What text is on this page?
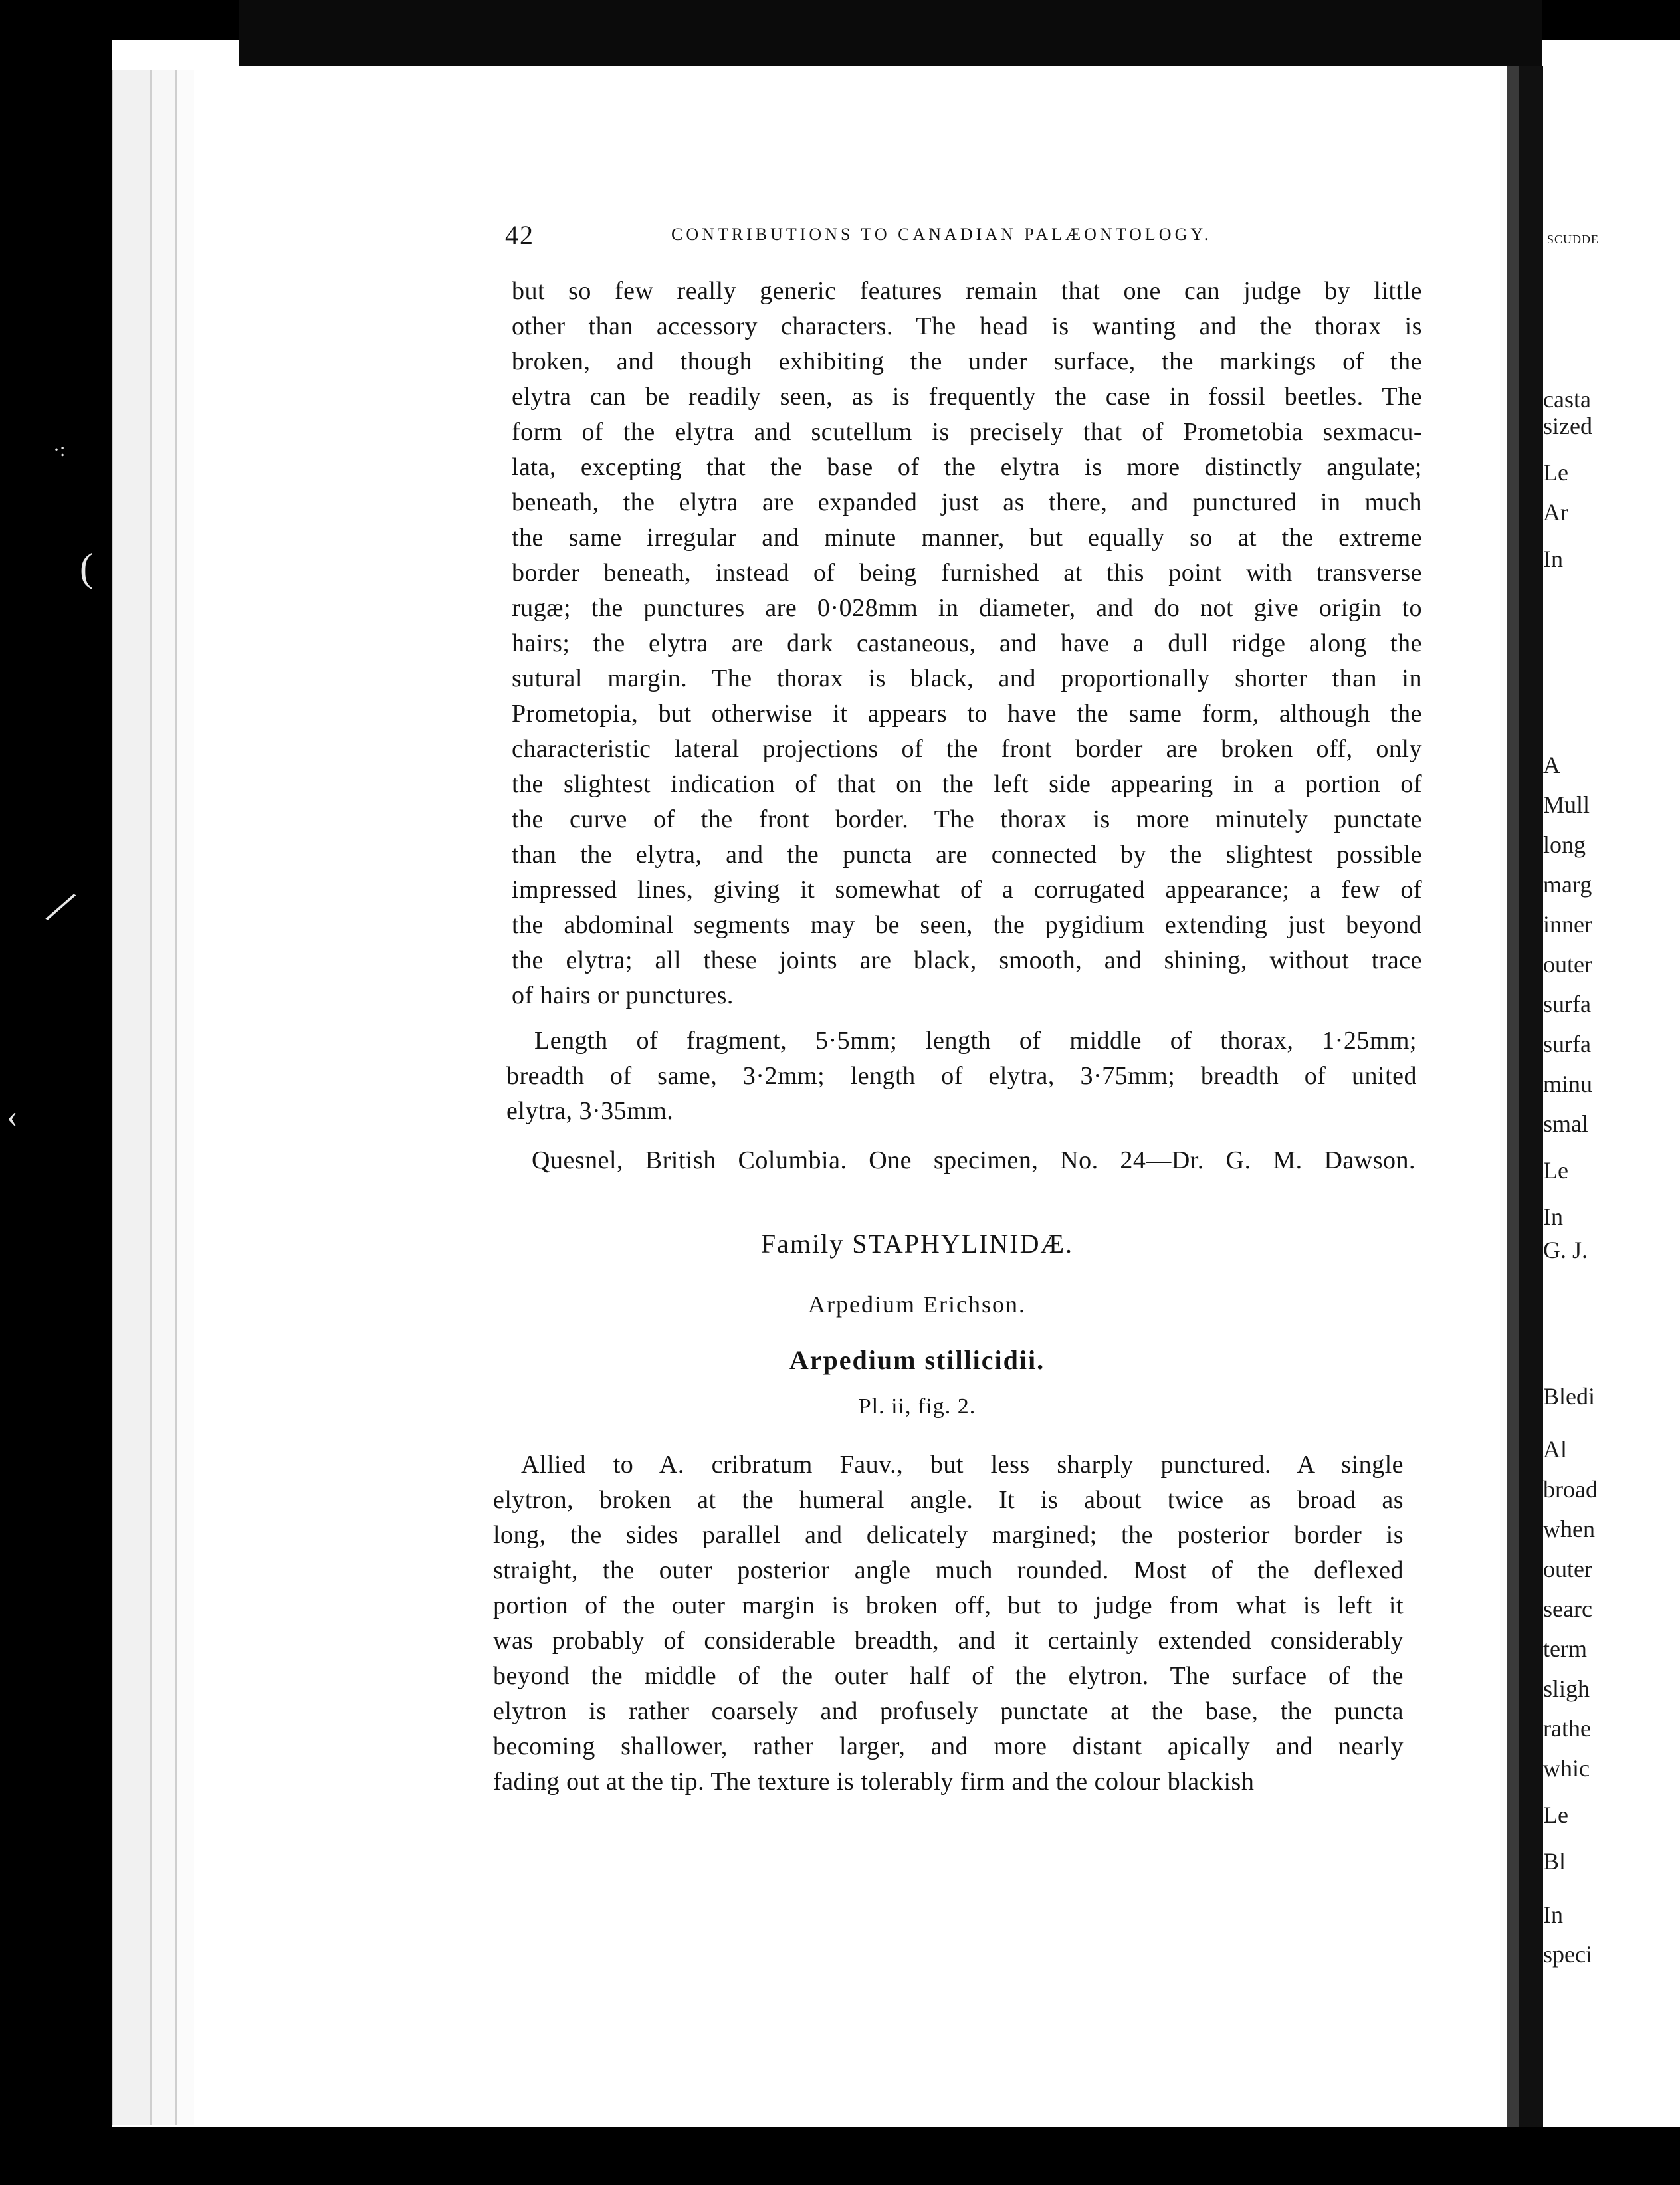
·:
(
/
‹
SCUDDE
casta
sized
Le
Ar
In
A
Mull
long
marg
inner
outer
surfa
surfa
minu
smal
Le
In
G. J.
Bledi
Al
broad
when
outer
searc
term
sligh
rathe
whic
Le
Bl
In
speci
42	CONTRIBUTIONS TO CANADIAN PALÆONTOLOGY.
but so few really generic features remain that one can judge by little
other than accessory characters. The head is wanting and the thorax is
broken, and though exhibiting the under surface, the markings of the
elytra can be readily seen, as is frequently the case in fossil beetles. The
form of the elytra and scutellum is precisely that of Prometobia sexmacu-
lata, excepting that the base of the elytra is more distinctly angulate;
beneath, the elytra are expanded just as there, and punctured in much
the same irregular and minute manner, but equally so at the extreme
border beneath, instead of being furnished at this point with transverse
rugæ; the punctures are 0·028mm in diameter, and do not give origin to
hairs; the elytra are dark castaneous, and have a dull ridge along the
sutural margin. The thorax is black, and proportionally shorter than in
Prometopia, but otherwise it appears to have the same form, although the
characteristic lateral projections of the front border are broken off, only
the slightest indication of that on the left side appearing in a portion of
the curve of the front border. The thorax is more minutely punctate
than the elytra, and the puncta are connected by the slightest possible
impressed lines, giving it somewhat of a corrugated appearance; a few of
the abdominal segments may be seen, the pygidium extending just beyond
the elytra; all these joints are black, smooth, and shining, without trace
of hairs or punctures.
Length of fragment, 5·5mm; length of middle of thorax, 1·25mm;
breadth of same, 3·2mm; length of elytra, 3·75mm; breadth of united
elytra, 3·35mm.
Quesnel, British Columbia. One specimen, No. 24—Dr. G. M. Dawson.
Family STAPHYLINIDÆ.
Arpedium Erichson.
Arpedium stillicidii.
Pl. ii, fig. 2.
Allied to A. cribratum Fauv., but less sharply punctured. A single
elytron, broken at the humeral angle. It is about twice as broad as
long, the sides parallel and delicately margined; the posterior border is
straight, the outer posterior angle much rounded. Most of the deflexed
portion of the outer margin is broken off, but to judge from what is left it
was probably of considerable breadth, and it certainly extended considerably
beyond the middle of the outer half of the elytron. The surface of the
elytron is rather coarsely and profusely punctate at the base, the puncta
becoming shallower, rather larger, and more distant apically and nearly
fading out at the tip. The texture is tolerably firm and the colour blackish
